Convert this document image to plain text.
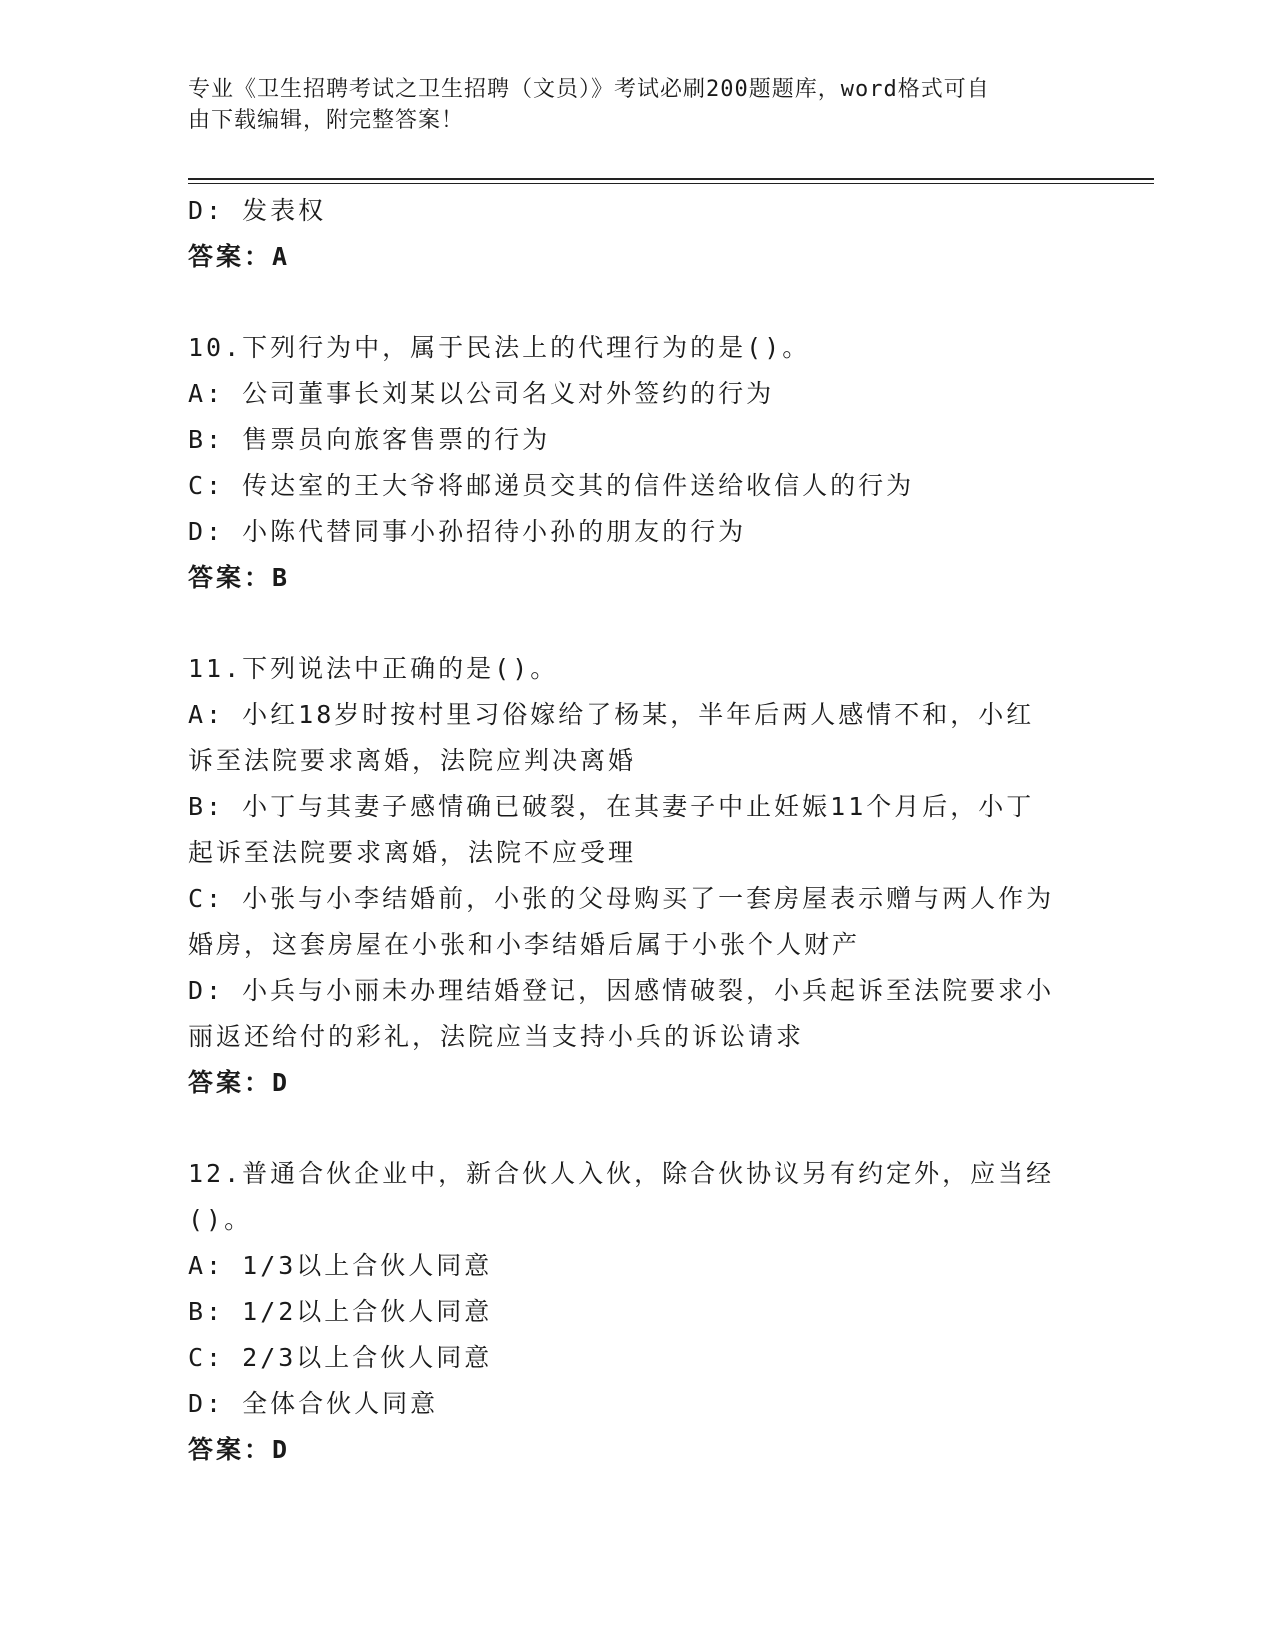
专业《卫生招聘考试之卫生招聘（文员）》考试必刷200题题库，word格式可自
由下载编辑，附完整答案！
D: 发表权
答案：A
10.下列行为中，属于民法上的代理行为的是()。
A: 公司董事长刘某以公司名义对外签约的行为
B: 售票员向旅客售票的行为
C: 传达室的王大爷将邮递员交其的信件送给收信人的行为
D: 小陈代替同事小孙招待小孙的朋友的行为
答案：B
11.下列说法中正确的是()。
A: 小红18岁时按村里习俗嫁给了杨某，半年后两人感情不和，小红
诉至法院要求离婚，法院应判决离婚
B: 小丁与其妻子感情确已破裂，在其妻子中止妊娠11个月后，小丁
起诉至法院要求离婚，法院不应受理
C: 小张与小李结婚前，小张的父母购买了一套房屋表示赠与两人作为
婚房，这套房屋在小张和小李结婚后属于小张个人财产
D: 小兵与小丽未办理结婚登记，因感情破裂，小兵起诉至法院要求小
丽返还给付的彩礼，法院应当支持小兵的诉讼请求
答案：D
12.普通合伙企业中，新合伙人入伙，除合伙协议另有约定外，应当经
()。
A: 1/3以上合伙人同意
B: 1/2以上合伙人同意
C: 2/3以上合伙人同意
D: 全体合伙人同意
答案：D
